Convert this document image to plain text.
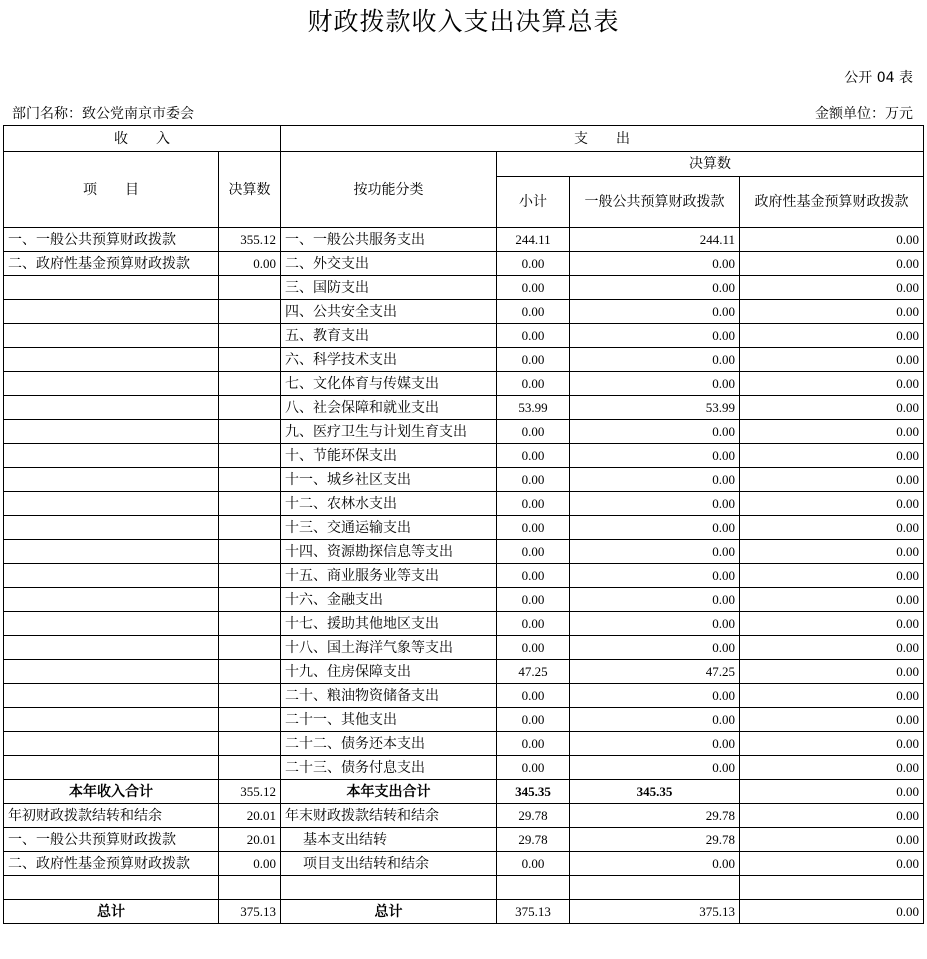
财政拨款收入支出决算总表
公开 04 表
部门名称：致公党南京市委会	金额单位：万元
收　　入		支　　出			
项　　目	决算数	按功能分类	决算数		
			小计	一般公共预算财政拨款	政府性基金预算财政拨款
一、一般公共预算财政拨款	355.12	一、一般公共服务支出	244.11	244.11	0.00
二、政府性基金预算财政拨款	0.00	二、外交支出	0.00	0.00	0.00
		三、国防支出	0.00	0.00	0.00
		四、公共安全支出	0.00	0.00	0.00
		五、教育支出	0.00	0.00	0.00
		六、科学技术支出	0.00	0.00	0.00
		七、文化体育与传媒支出	0.00	0.00	0.00
		八、社会保障和就业支出	53.99	53.99	0.00
		九、医疗卫生与计划生育支出	0.00	0.00	0.00
		十、节能环保支出	0.00	0.00	0.00
		十一、城乡社区支出	0.00	0.00	0.00
		十二、农林水支出	0.00	0.00	0.00
		十三、交通运输支出	0.00	0.00	0.00
		十四、资源勘探信息等支出	0.00	0.00	0.00
		十五、商业服务业等支出	0.00	0.00	0.00
		十六、金融支出	0.00	0.00	0.00
		十七、援助其他地区支出	0.00	0.00	0.00
		十八、国土海洋气象等支出	0.00	0.00	0.00
		十九、住房保障支出	47.25	47.25	0.00
		二十、粮油物资储备支出	0.00	0.00	0.00
		二十一、其他支出	0.00	0.00	0.00
		二十二、债务还本支出	0.00	0.00	0.00
		二十三、债务付息支出	0.00	0.00	0.00
本年收入合计	355.12	本年支出合计	345.35	345.35	0.00
年初财政拨款结转和结余	20.01	年末财政拨款结转和结余	29.78	29.78	0.00
一、一般公共预算财政拨款	20.01	基本支出结转	29.78	29.78	0.00
二、政府性基金预算财政拨款	0.00	项目支出结转和结余	0.00	0.00	0.00

总计	375.13	总计	375.13	375.13	0.00
